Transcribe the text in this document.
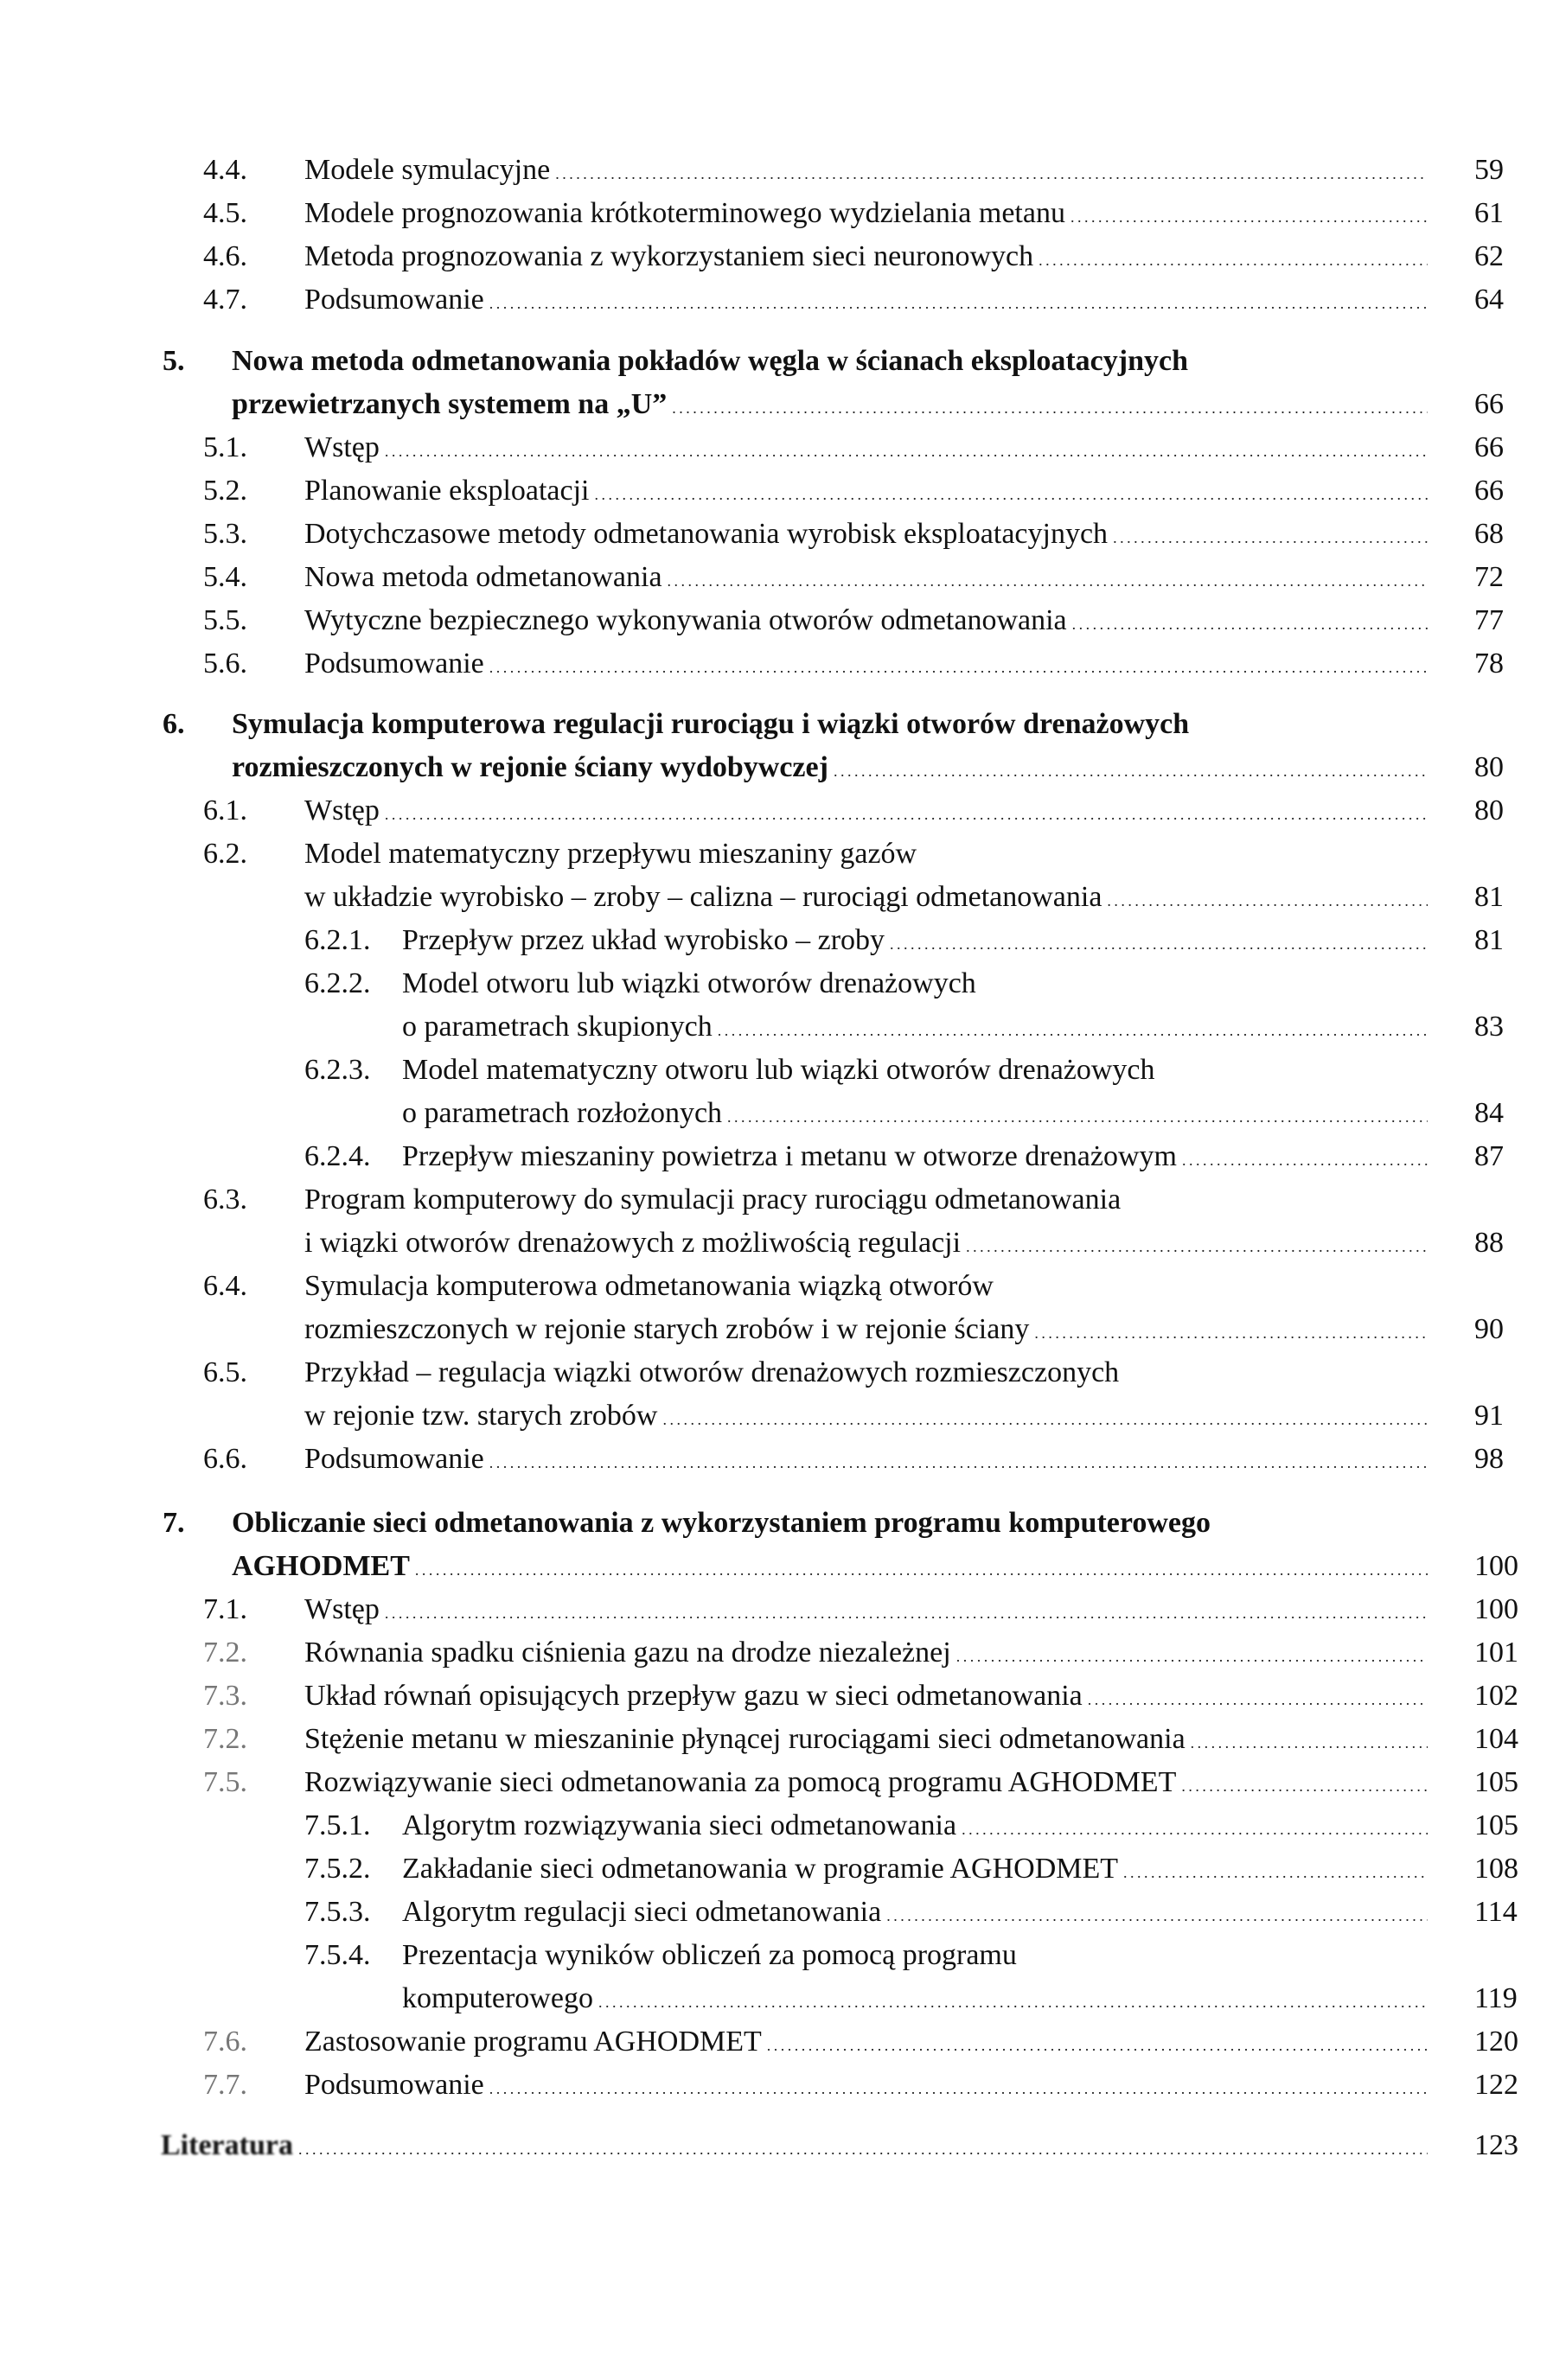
4.4. Modele symulacyjne . . .	59
4.5. Modele prognozowania krótkoterminowego wydzielania metanu . . .	61
4.6. Metoda prognozowania z wykorzystaniem sieci neuronowych . . .	62
4.7. Podsumowanie . . .	64
5. Nowa metoda odmetanowania pokładów węgla w ścianach eksploatacyjnych
przewietrzanych systemem na „U” . . .	66
5.1. Wstęp . . .	66
5.2. Planowanie eksploatacji . . .	66
5.3. Dotychczasowe metody odmetanowania wyrobisk eksploatacyjnych . . .	68
5.4. Nowa metoda odmetanowania . . .	72
5.5. Wytyczne bezpiecznego wykonywania otworów odmetanowania . . .	77
5.6. Podsumowanie . . .	78
6. Symulacja komputerowa regulacji rurociągu i wiązki otworów drenażowych
rozmieszczonych w rejonie ściany wydobywczej . . .	80
6.1. Wstęp . . .	80
6.2. Model matematyczny przepływu mieszaniny gazów
w układzie wyrobisko – zroby – calizna – rurociągi odmetanowania . . .	81
6.2.1. Przepływ przez układ wyrobisko – zroby . . .	81
6.2.2. Model otworu lub wiązki otworów drenażowych
o parametrach skupionych . . .	83
6.2.3. Model matematyczny otworu lub wiązki otworów drenażowych
o parametrach rozłożonych . . .	84
6.2.4. Przepływ mieszaniny powietrza i metanu w otworze drenażowym . . .	87
6.3. Program komputerowy do symulacji pracy rurociągu odmetanowania
i wiązki otworów drenażowych z możliwością regulacji . . .	88
6.4. Symulacja komputerowa odmetanowania wiązką otworów
rozmieszczonych w rejonie starych zrobów i w rejonie ściany . . .	90
6.5. Przykład – regulacja wiązki otworów drenażowych rozmieszczonych
w rejonie tzw. starych zrobów . . .	91
6.6. Podsumowanie . . .	98
7. Obliczanie sieci odmetanowania z wykorzystaniem programu komputerowego
AGHODMET . . .	100
7.1. Wstęp . . .	100
7.2. Równania spadku ciśnienia gazu na drodze niezależnej . . .	101
7.3. Układ równań opisujących przepływ gazu w sieci odmetanowania . . .	102
7.2. Stężenie metanu w mieszaninie płynącej rurociągami sieci odmetanowania . . .	104
7.5. Rozwiązywanie sieci odmetanowania za pomocą programu AGHODMET . . .	105
7.5.1. Algorytm rozwiązywania sieci odmetanowania . . .	105
7.5.2. Zakładanie sieci odmetanowania w programie AGHODMET . . .	108
7.5.3. Algorytm regulacji sieci odmetanowania . . .	114
7.5.4. Prezentacja wyników obliczeń za pomocą programu
komputerowego . . .	119
7.6. Zastosowanie programu AGHODMET . . .	120
7.7. Podsumowanie . . .	122
Literatura . . .	123
